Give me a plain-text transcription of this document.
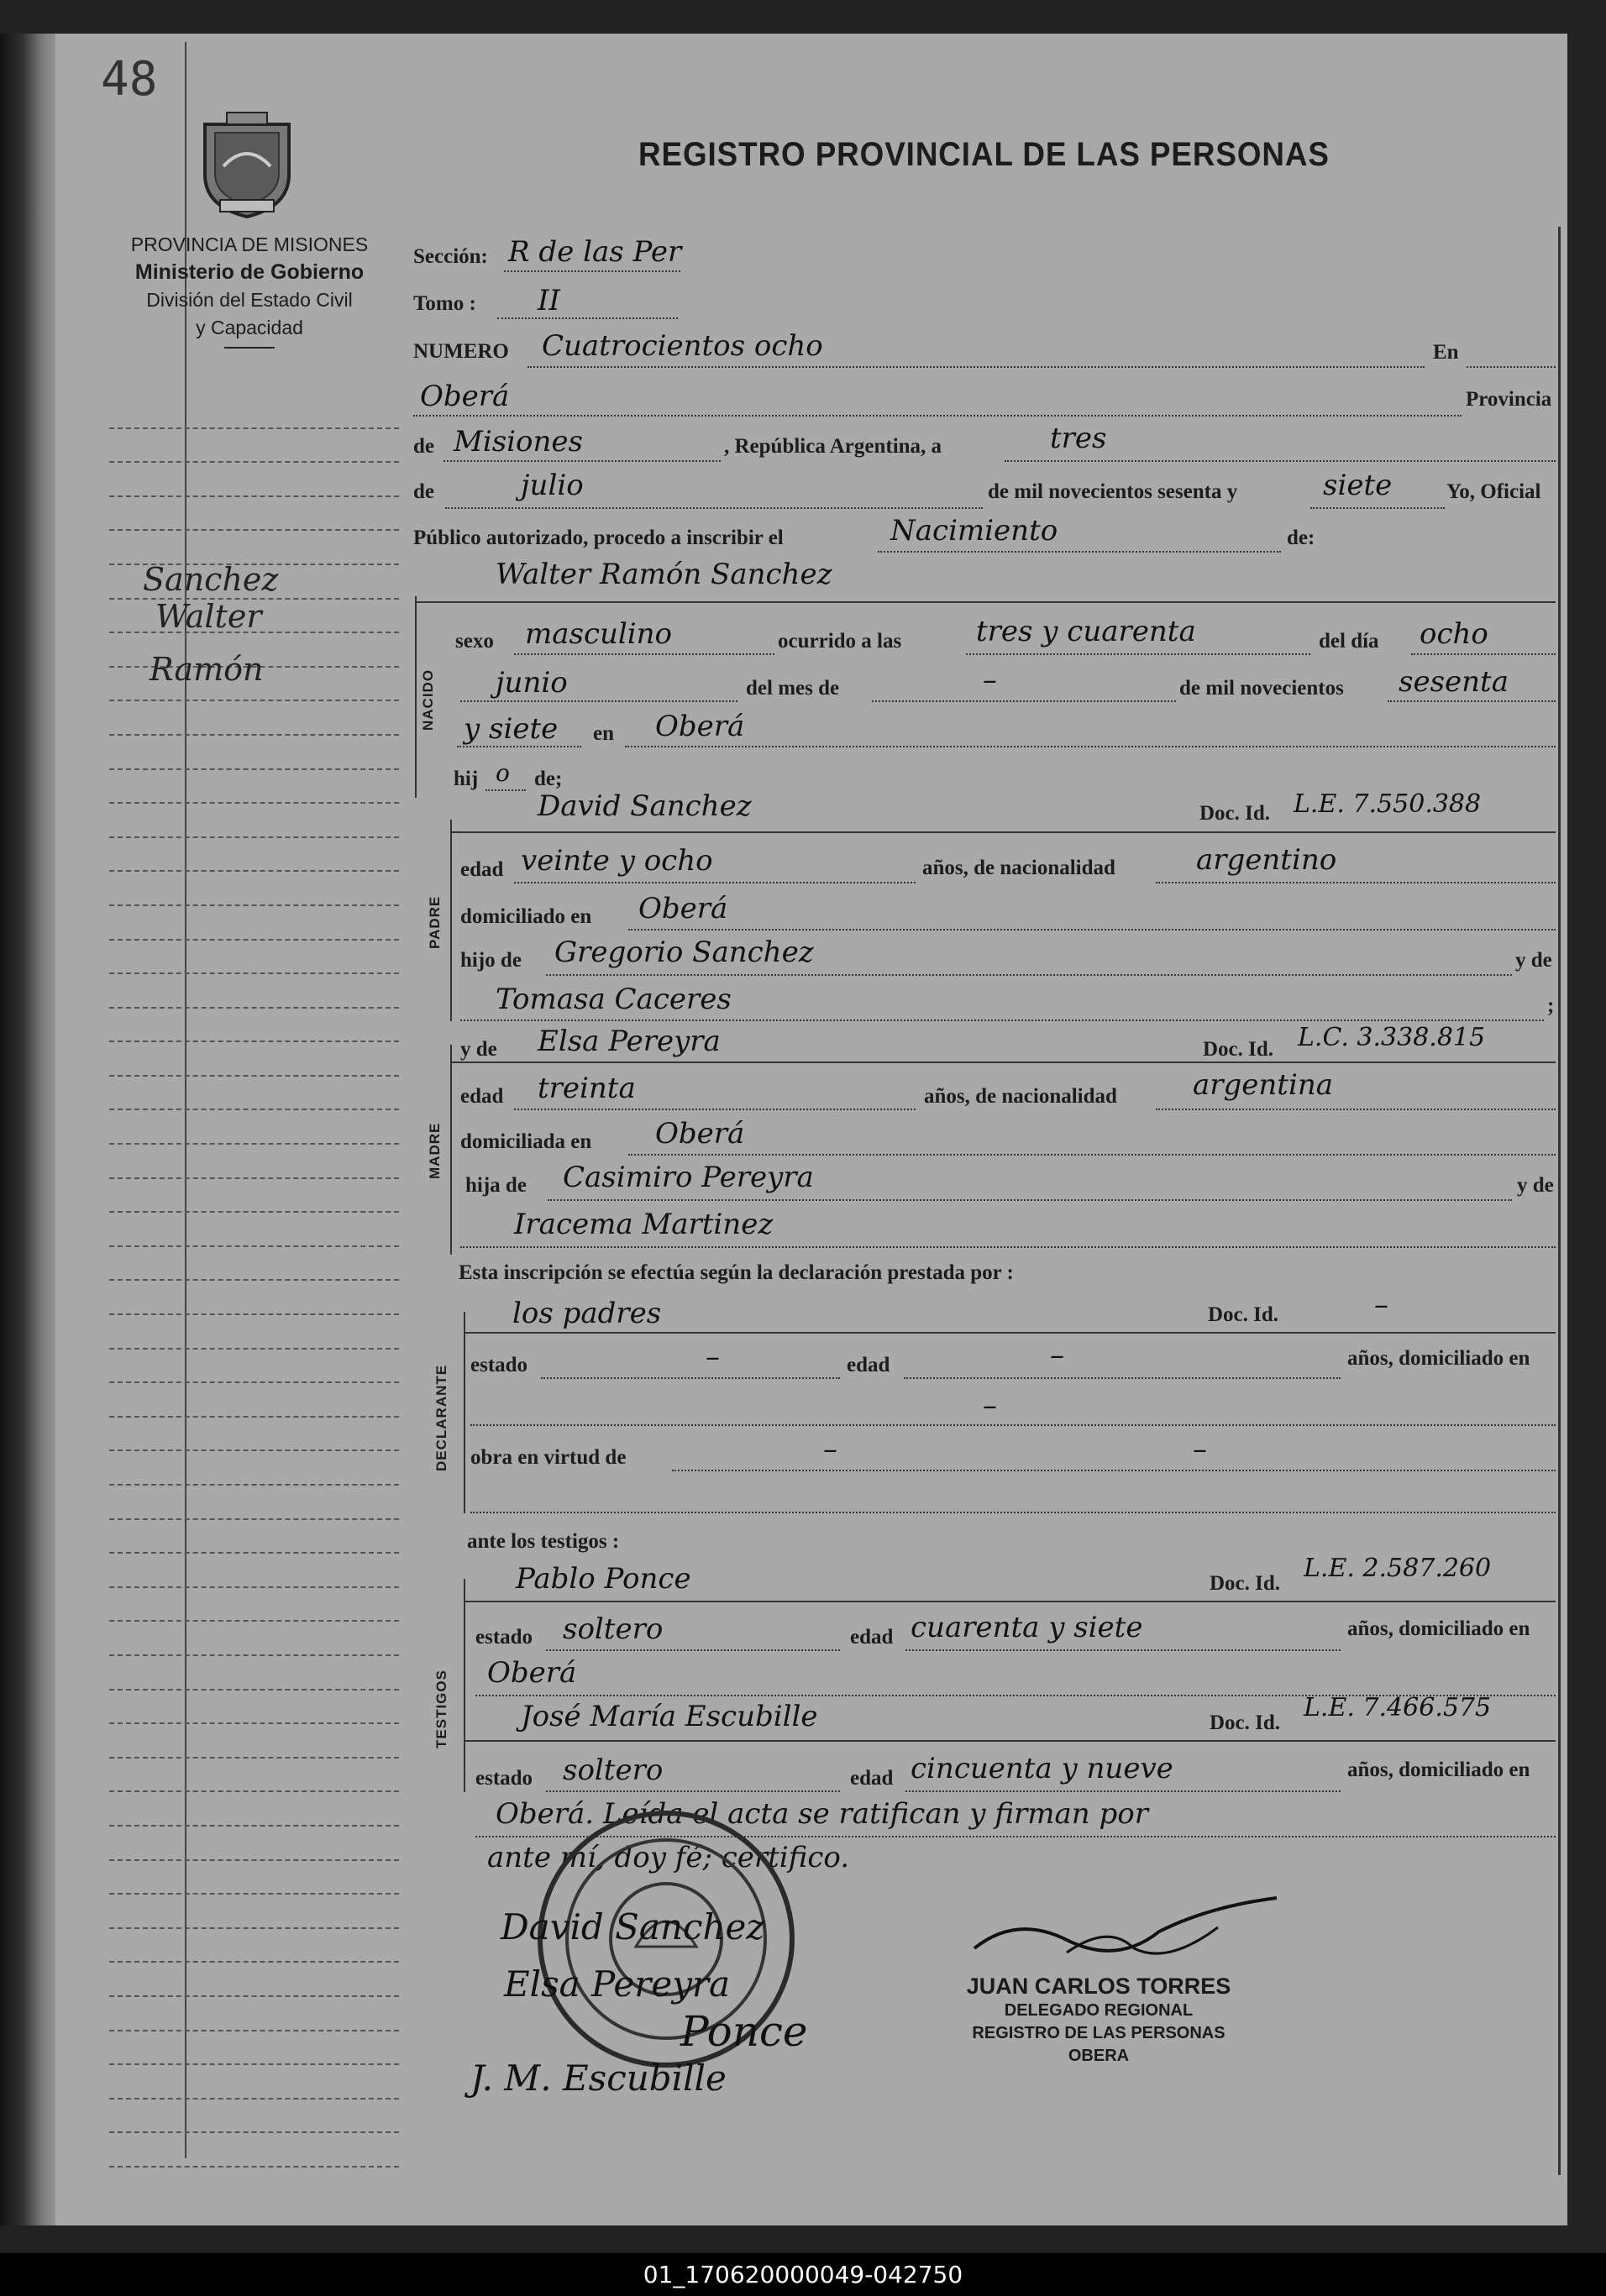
48
REGISTRO PROVINCIAL DE LAS PERSONAS
PROVINCIA DE MISIONES
Ministerio de Gobierno
División del Estado Civil
y Capacidad
Sanchez
Walter
Ramón
Sección: R de las Per
Tomo : II
NUMERO Cuatrocientos ocho	En
Oberá	Provincia
de Misiones	, República Argentina, a	tres
de	julio	de mil novecientos sesenta y	siete	Yo, Oficial
Público autorizado, procedo a inscribir el	Nacimiento	de:
NACIDO
Walter Ramón Sanchez
sexo masculino	ocurrido a las	tres y cuarenta	del día ocho
junio	del mes de	–	de mil novecientos sesenta
y siete en Oberá
hij o de;
PADRE
David Sanchez	Doc. Id. L.E. 7.550.388
edad veinte y ocho	años, de nacionalidad	argentino
domiciliado en Oberá
hijo de Gregorio Sanchez	y de
Tomasa Caceres	;
MADRE
y de Elsa Pereyra	Doc. Id. L.C. 3.338.815
edad treinta	años, de nacionalidad	argentina
domiciliada en Oberá
hija de Casimiro Pereyra	y de
Iracema Martinez
Esta inscripción se efectúa según la declaración prestada por :
DECLARANTE
los padres	Doc. Id.	–
estado	–	edad	–	años, domiciliado en
–
obra en virtud de	–	–
ante los testigos :
TESTIGOS
Pablo Ponce	Doc. Id.
L.E. 2.587.260
estado soltero	edad cuarenta y siete	años, domiciliado en
Oberá
José María Escubille	Doc. Id.
L.E. 7.466.575
estado soltero	edad cincuenta y nueve	años, domiciliado en
Oberá. Leída el acta se ratifican y firman por
ante mí, doy fé; certifico.
David Sanchez
Elsa Pereyra
Ponce
J. M. Escubille
JUAN CARLOS TORRES
DELEGADO REGIONAL
REGISTRO DE LAS PERSONAS
OBERA
01_170620000049-042750
